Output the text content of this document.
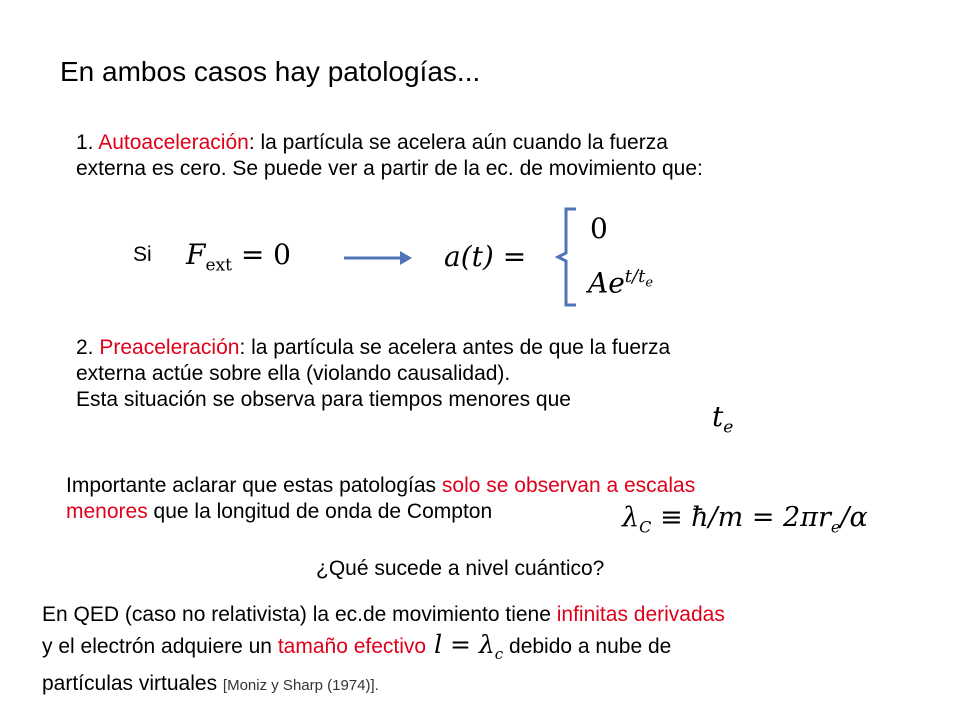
En ambos casos hay patologías...
1. Autoaceleración: la partícula se acelera aún cuando la fuerza
externa es cero. Se puede ver a partir de la ec. de movimiento que:
Si $F_{ext} = 0$	a(t) =
0
$Ae^{t/t_e}$
2. Preaceleración: la partícula se acelera antes de que la fuerza
externa actúe sobre ella (violando causalidad).
Esta situación se observa para tiempos menores que
$t_e$
Importante aclarar que estas patologías solo se observan a escalas
menores que la longitud de onda de Compton	$\lambda_C$ ≡ ħ/m = $2\pi r_e/\alpha$
¿Qué sucede a nivel cuántico?
En QED (caso no relativista) la ec.de movimiento tiene infinitas derivadas
y el electrón adquiere un tamaño efectivo $l = \lambda_c$ debido a nube de
partículas virtuales [Moniz y Sharp (1974)].
